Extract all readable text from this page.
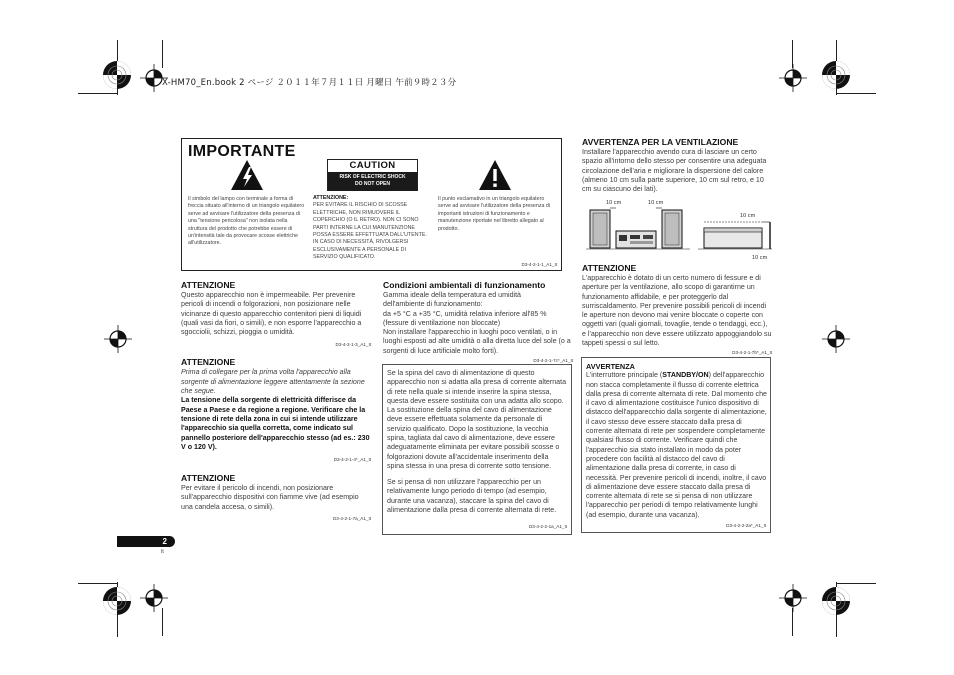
X-HM70_En.book 2 ページ ２０１１年７月１１日 月曜日 午前９時２３分
IMPORTANTE
CAUTION
RISK OF ELECTRIC SHOCK
DO NOT OPEN
Il simbolo del lampo con terminale a forma di freccia situato all'interno di un triangolo equilatero serve ad avvisare l'utilizzatore della presenza di una "tensione pericolosa" non isolata nella struttura del prodotto che potrebbe essere di un'intensità tale da provocare scosse elettriche all'utilizzatore.
ATTENZIONE:
PER EVITARE IL RISCHIO DI SCOSSE ELETTRICHE, NON RIMUOVERE IL COPERCHIO (O IL RETRO). NON CI SONO PARTI INTERNE LA CUI MANUTENZIONE POSSA ESSERE EFFETTUATA DALL'UTENTE. IN CASO DI NECESSITÀ, RIVOLGERSI ESCLUSIVAMENTE A PERSONALE DI SERVIZIO QUALIFICATO.
Il punto esclamativo in un triangolo equilatero serve ad avvisare l'utilizzatore della presenza di importanti istruzioni di funzionamento e manutenzione riportate nel libretto allegato al prodotto.
D3-4-2-1-1_A1_It
ATTENZIONE
Questo apparecchio non è impermeabile. Per prevenire pericoli di incendi o folgorazioni, non posizionare nelle vicinanze di questo apparecchio contenitori pieni di liquidi (quali vasi da fiori, o simili), e non esporre l'apparecchio a sgocciolii, schizzi, pioggia o umidità.
D3-4-2-1-3_A1_It
ATTENZIONE
Prima di collegare per la prima volta l'apparecchio alla sorgente di alimentazione leggere attentamente la sezione che segue.
La tensione della sorgente di elettricità differisce da Paese a Paese e da regione a regione. Verificare che la tensione di rete della zona in cui si intende utilizzare l'apparecchio sia quella corretta, come indicato sul pannello posteriore dell'apparecchio stesso (ad es.: 230 V o 120 V).
D3-4-2-1-4*_A1_It
ATTENZIONE
Per evitare il pericolo di incendi, non posizionare sull'apparecchio dispositivi con fiamme vive (ad esempio una candela accesa, o simili).
D3-4-2-1-7a_A1_It
Condizioni ambientali di funzionamento
Gamma ideale della temperatura ed umidità
dell'ambiente di funzionamento:
da +5 °C a +35 °C, umidità relativa inferiore all'85 %
(fessure di ventilazione non bloccate)
Non installare l'apparecchio in luoghi poco ventilati, o in luoghi esposti ad alte umidità o alla diretta luce del sole (o a sorgenti di luce artificiale molto forti).
D3-4-2-1-7c*_A1_It
Se la spina del cavo di alimentazione di questo apparecchio non si adatta alla presa di corrente alternata di rete nella quale si intende inserire la spina stessa, questa deve essere sostituita con una adatta allo scopo. La sostituzione della spina del cavo di alimentazione deve essere effettuata solamente da personale di servizio qualificato. Dopo la sostituzione, la vecchia spina, tagliata dal cavo di alimentazione, deve essere adeguatamente eliminata per evitare possibili scosse o folgorazioni dovute all'accidentale inserimento della spina stessa in una presa di corrente sotto tensione.
Se si pensa di non utilizzare l'apparecchio per un relativamente lungo periodo di tempo (ad esempio, durante una vacanza), staccare la spina del cavo di alimentazione dalla presa di corrente alternata di rete.
D3-4-2-2-1a_A1_It
AVVERTENZA PER LA VENTILAZIONE
Installare l'apparecchio avendo cura di lasciare un certo spazio all'intorno dello stesso per consentire una adeguata circolazione dell'aria e migliorare la dispersione del calore (almeno 10 cm sulla parte superiore, 10 cm sul retro, e 10 cm su ciascuno dei lati).
10 cm	10 cm
10 cm
10 cm
ATTENZIONE
L'apparecchio è dotato di un certo numero di fessure e di aperture per la ventilazione, allo scopo di garantirne un funzionamento affidabile, e per proteggerlo dal surriscaldamento. Per prevenire possibili pericoli di incendi le aperture non devono mai venire bloccate o coperte con oggetti vari (quali giornali, tovaglie, tende o tendaggi, ecc.), e l'apparecchio non deve essere utilizzato appoggiandolo su tappeti spessi o sul letto.
D3-4-2-1-7b*_A1_It
AVVERTENZA
L'interruttore principale (STANDBY/ON) dell'apparecchio non stacca completamente il flusso di corrente elettrica dalla presa di corrente alternata di rete. Dal momento che il cavo di alimentazione costituisce l'unico dispositivo di distacco dell'apparecchio dalla sorgente di alimentazione, il cavo stesso deve essere staccato dalla presa di corrente alternata di rete per sospendere completamente qualsiasi flusso di corrente. Verificare quindi che l'apparecchio sia stato installato in modo da poter procedere con facilità al distacco del cavo di alimentazione dalla presa di corrente, in caso di necessità. Per prevenire pericoli di incendi, inoltre, il cavo di alimentazione deve essere staccato dalla presa di corrente alternata di rete se si pensa di non utilizzare l'apparecchio per periodi di tempo relativamente lunghi (ad esempio, durante una vacanza).
D3-4-2-2-2a*_A1_It
2
It
